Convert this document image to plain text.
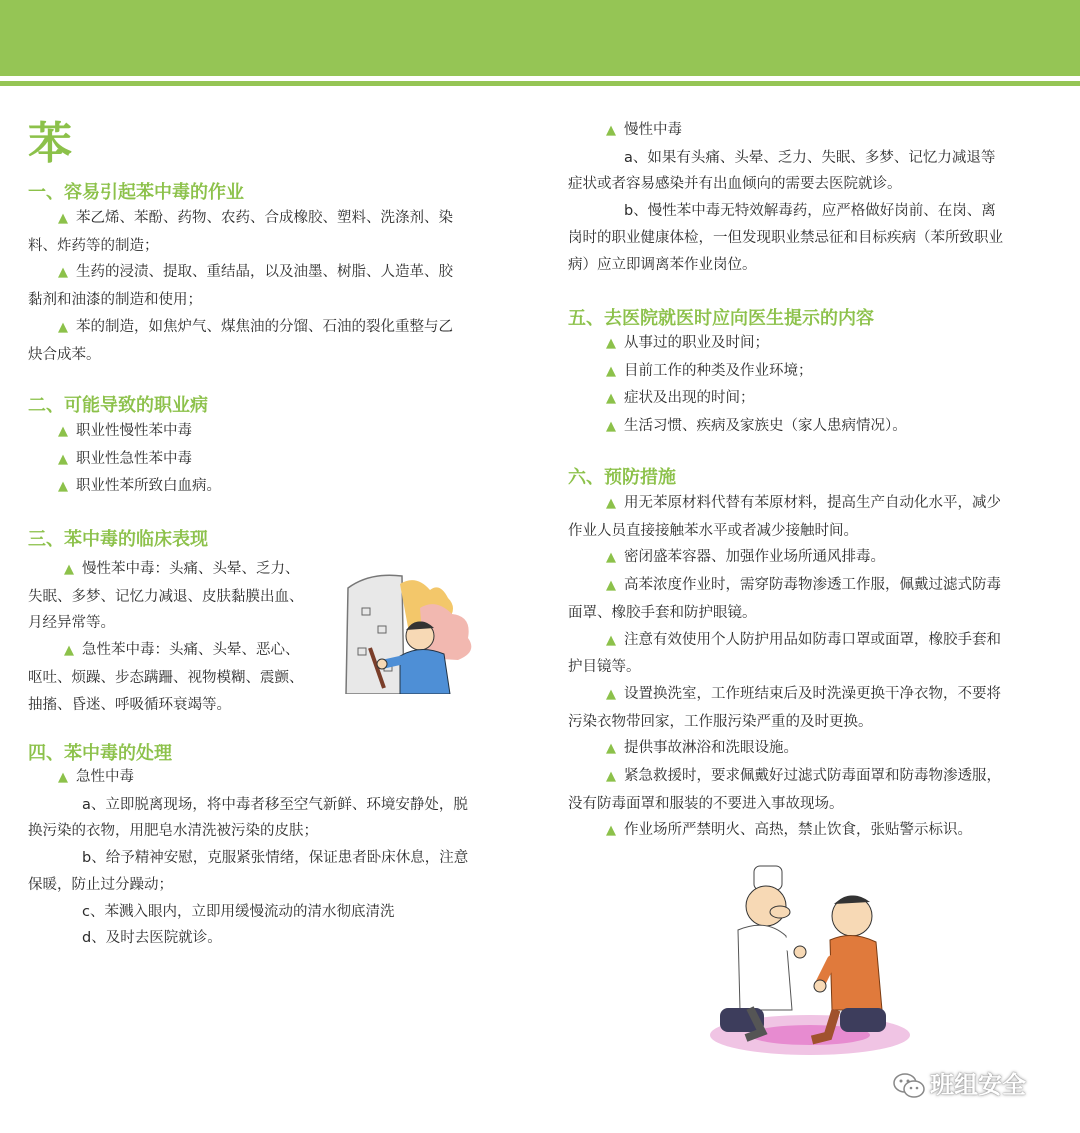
苯
一、容易引起苯中毒的作业
▲ 苯乙烯、苯酚、药物、农药、合成橡胶、塑料、洗涤剂、染
料、炸药等的制造；
▲ 生药的浸渍、提取、重结晶，以及油墨、树脂、人造革、胶
黏剂和油漆的制造和使用；
▲ 苯的制造，如焦炉气、煤焦油的分馏、石油的裂化重整与乙
炔合成苯。
二、可能导致的职业病
▲ 职业性慢性苯中毒
▲ 职业性急性苯中毒
▲ 职业性苯所致白血病。
三、苯中毒的临床表现
▲ 慢性苯中毒：头痛、头晕、乏力、
失眠、多梦、记忆力减退、皮肤黏膜出血、
月经异常等。
▲ 急性苯中毒：头痛、头晕、恶心、
呕吐、烦躁、步态蹒跚、视物模糊、震颤、
抽搐、昏迷、呼吸循环衰竭等。
四、苯中毒的处理
▲ 急性中毒
a、立即脱离现场，将中毒者移至空气新鲜、环境安静处，脱
换污染的衣物，用肥皂水清洗被污染的皮肤；
b、给予精神安慰，克服紧张情绪，保证患者卧床休息，注意
保暖，防止过分躁动；
c、苯溅入眼内，立即用缓慢流动的清水彻底清洗
d、及时去医院就诊。
▲ 慢性中毒
a、如果有头痛、头晕、乏力、失眠、多梦、记忆力减退等
症状或者容易感染并有出血倾向的需要去医院就诊。
b、慢性苯中毒无特效解毒药，应严格做好岗前、在岗、离
岗时的职业健康体检，一但发现职业禁忌征和目标疾病（苯所致职业
病）应立即调离苯作业岗位。
五、去医院就医时应向医生提示的内容
▲ 从事过的职业及时间；
▲ 目前工作的种类及作业环境；
▲ 症状及出现的时间；
▲ 生活习惯、疾病及家族史（家人患病情况）。
六、预防措施
▲ 用无苯原材料代替有苯原材料，提高生产自动化水平，减少
作业人员直接接触苯水平或者减少接触时间。
▲ 密闭盛苯容器、加强作业场所通风排毒。
▲ 高苯浓度作业时，需穿防毒物渗透工作服，佩戴过滤式防毒
面罩、橡胶手套和防护眼镜。
▲ 注意有效使用个人防护用品如防毒口罩或面罩，橡胶手套和
护目镜等。
▲ 设置换洗室，工作班结束后及时洗澡更换干净衣物，不要将
污染衣物带回家，工作服污染严重的及时更换。
▲ 提供事故淋浴和洗眼设施。
▲ 紧急救援时，要求佩戴好过滤式防毒面罩和防毒物渗透服，
没有防毒面罩和服装的不要进入事故现场。
▲ 作业场所严禁明火、高热，禁止饮食，张贴警示标识。
班组安全
